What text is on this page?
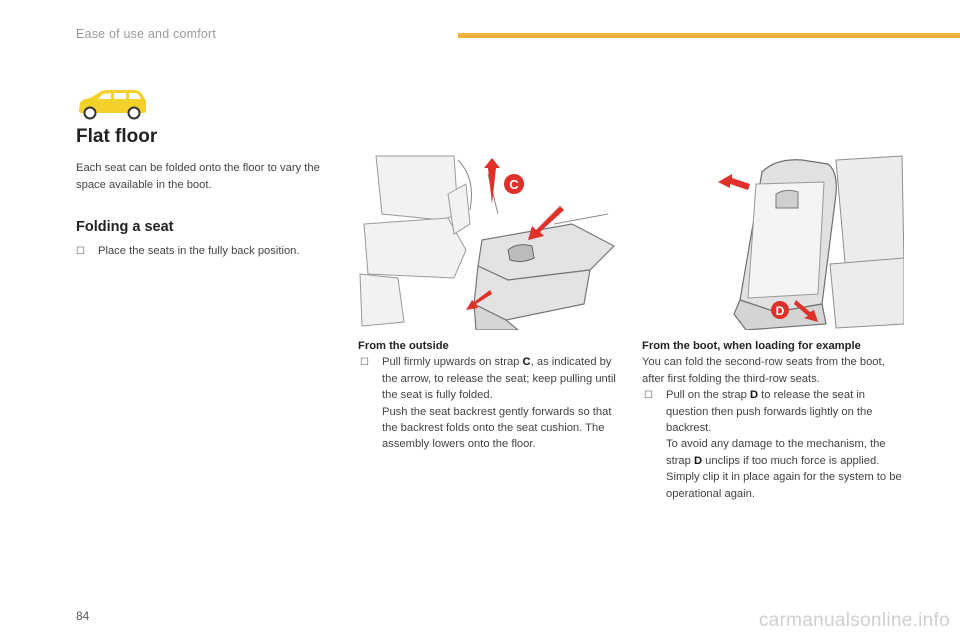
Ease of use and comfort
Flat floor

Each seat can be folded onto the floor to vary the space available in the boot.

Folding a seat
☐	Place the seats in the fully back position.
C
D
From the outside
☐ Pull firmly upwards on strap C, as indicated by the arrow, to release the seat; keep pulling until the seat is fully folded.
Push the seat backrest gently forwards so that the backrest folds onto the seat cushion. The assembly lowers onto the floor.
From the boot, when loading for example
You can fold the second-row seats from the boot, after first folding the third-row seats.
☐ Pull on the strap D to release the seat in question then push forwards lightly on the backrest.
To avoid any damage to the mechanism, the strap D unclips if too much force is applied. Simply clip it in place again for the system to be operational again.
84	carmanualsonline.info
